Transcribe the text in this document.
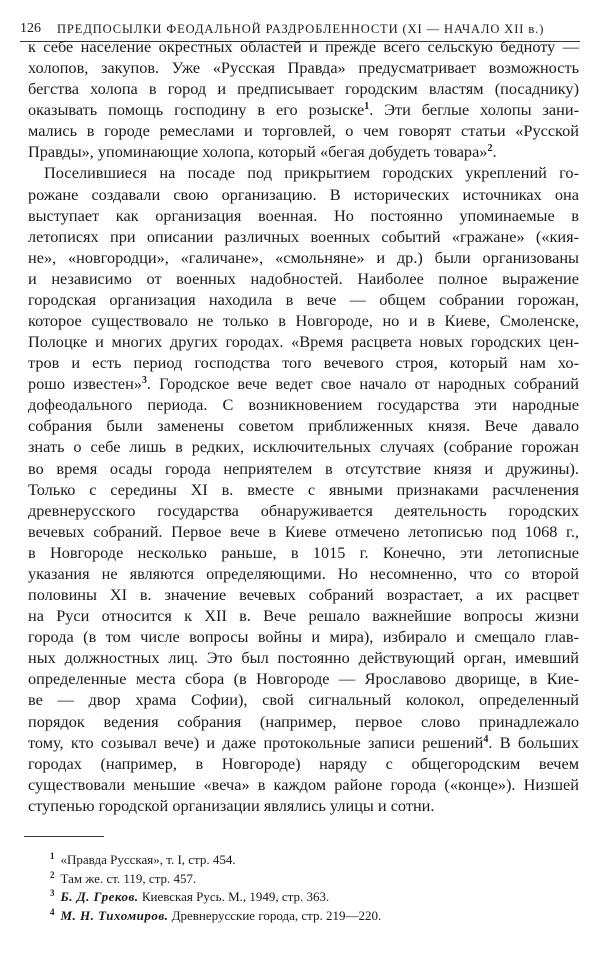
126 ПРЕДПОСЫЛКИ ФЕОДАЛЬНОЙ РАЗДРОБЛЕННОСТИ (XI — НАЧАЛО XII в.)
к себе население окрестных областей и прежде всего сельскую бедноту —
холопов, закупов. Уже «Русская Правда» предусматривает возможность
бегства холопа в город и предписывает городским властям (посаднику)
оказывать помощь господину в его розыске$^1$. Эти беглые холопы зани-
мались в городе ремеслами и торговлей, о чем говорят статьи «Русской
Правды», упоминающие холопа, который «бегая добудеть товара»$^2$.
Поселившиеся на посаде под прикрытием городских укреплений го-
рожане создавали свою организацию. В исторических источниках она
выступает как организация военная. Но постоянно упоминаемые в
летописях при описании различных военных событий «гражане» («кия-
не», «новгородци», «галичане», «смольняне» и др.) были организованы
и независимо от военных надобностей. Наиболее полное выражение
городская организация находила в вече — общем собрании горожан,
которое существовало не только в Новгороде, но и в Киеве, Смоленске,
Полоцке и многих других городах. «Время расцвета новых городских цен-
тров и есть период господства того вечевого строя, который нам хо-
рошо известен»$^3$. Городское вече ведет свое начало от народных собраний
дофеодального периода. С возникновением государства эти народные
собрания были заменены советом приближенных князя. Вече давало
знать о себе лишь в редких, исключительных случаях (собрание горожан
во время осады города неприятелем в отсутствие князя и дружины).
Только с середины XI в. вместе с явными признаками расчленения
древнерусского государства обнаруживается деятельность городских
вечевых собраний. Первое вече в Киеве отмечено летописью под 1068 г.,
в Новгороде несколько раньше, в 1015 г. Конечно, эти летописные
указания не являются определяющими. Но несомненно, что со второй
половины XI в. значение вечевых собраний возрастает, а их расцвет
на Руси относится к XII в. Вече решало важнейшие вопросы жизни
города (в том числе вопросы войны и мира), избирало и смещало глав-
ных должностных лиц. Это был постоянно действующий орган, имевший
определенные места сбора (в Новгороде — Ярославово дворище, в Кие-
ве — двор храма Софии), свой сигнальный колокол, определенный
порядок ведения собрания (например, первое слово принадлежало
тому, кто созывал вече) и даже протокольные записи решений$^4$. В больших
городах (например, в Новгороде) наряду с общегородским вечем
существовали меньшие «веча» в каждом районе города («конце»). Низшей
ступенью городской организации являлись улицы и сотни.
$^1$ «Правда Русская», т. I, стр. 454.
$^2$ Там же. ст. 119, стр. 457.
$^3$ Б. Д. Греков. Киевская Русь. М., 1949, стр. 363.
$^4$ М. Н. Тихомиров. Древнерусские города, стр. 219—220.
